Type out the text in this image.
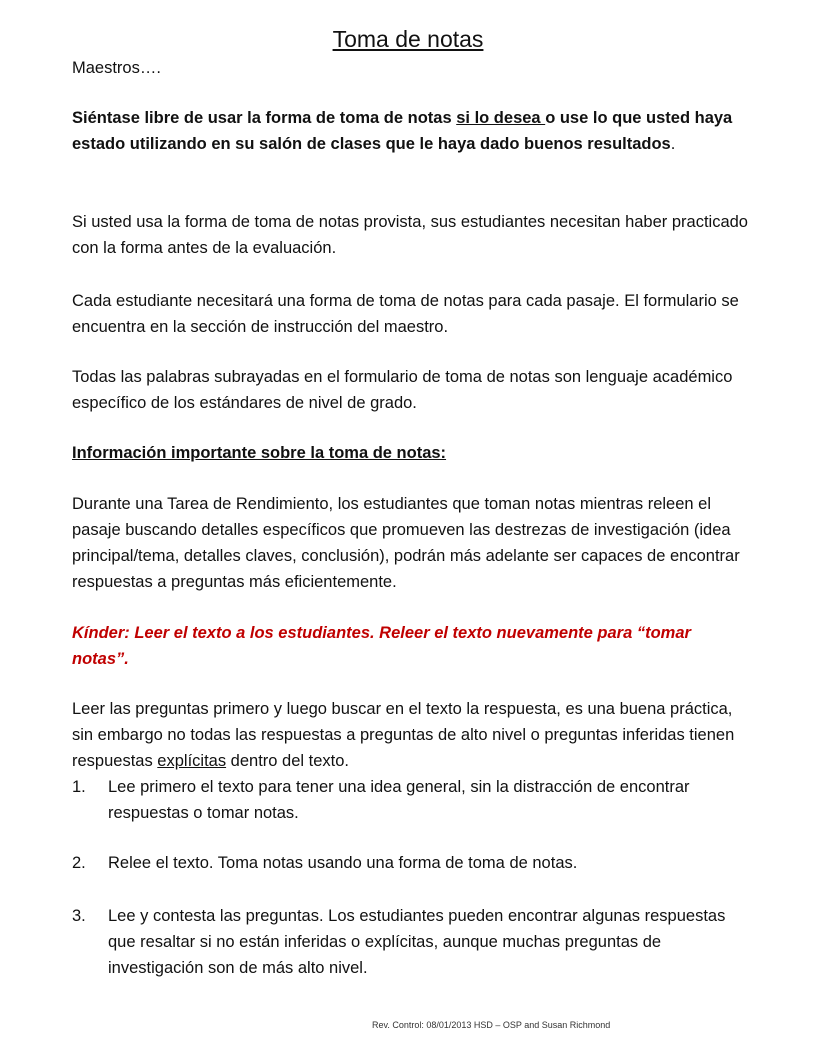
Toma de notas
Maestros….
Siéntase libre de usar la forma de toma de notas si lo desea o use lo que usted haya estado utilizando en su salón de clases que le haya dado buenos resultados.
Si usted usa la forma de toma de notas provista, sus estudiantes necesitan haber practicado con la forma antes de la evaluación.
Cada estudiante necesitará una forma de toma de notas para cada pasaje. El formulario se encuentra en la sección de instrucción del maestro.
Todas las palabras subrayadas en el formulario de toma de notas son lenguaje académico específico de los estándares de nivel de grado.
Información importante sobre la toma de notas:
Durante una Tarea de Rendimiento, los estudiantes que toman notas mientras releen el pasaje buscando detalles específicos que promueven las destrezas de investigación (idea principal/tema, detalles claves, conclusión), podrán más adelante ser capaces de encontrar respuestas a preguntas más eficientemente.
Kínder: Leer el texto a los estudiantes. Releer el texto nuevamente para “tomar notas”.
Leer las preguntas primero y luego buscar en el texto la respuesta, es una buena práctica, sin embargo no todas las respuestas a preguntas de alto nivel o preguntas inferidas tienen respuestas explícitas dentro del texto.
1. Lee primero el texto para tener una idea general, sin la distracción de encontrar respuestas o tomar notas.
2. Relee el texto. Toma notas usando una forma de toma de notas.
3. Lee y contesta las preguntas. Los estudiantes pueden encontrar algunas respuestas que resaltar si no están inferidas o explícitas, aunque muchas preguntas de investigación son de más alto nivel.
Rev. Control: 08/01/2013 HSD – OSP and Susan Richmond
